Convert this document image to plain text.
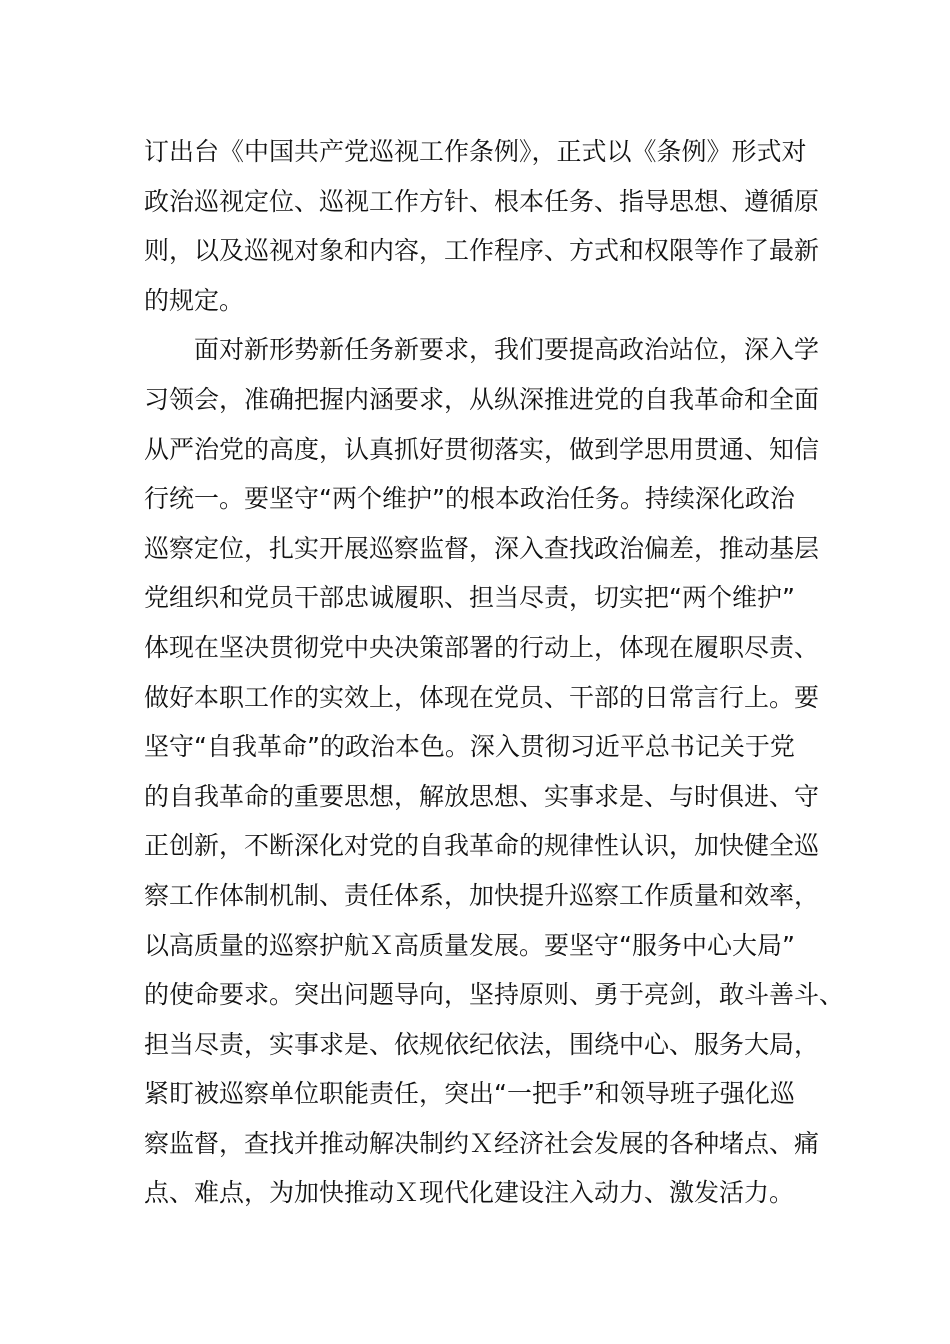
订出台《中国共产党巡视工作条例》，正式以《条例》形式对

政治巡视定位、巡视工作方针、根本任务、指导思想、遵循原

则，以及巡视对象和内容，工作程序、方式和权限等作了最新

的规定。

面对新形势新任务新要求，我们要提高政治站位，深入学

习领会，准确把握内涵要求，从纵深推进党的自我革命和全面

从严治党的高度，认真抓好贯彻落实，做到学思用贯通、知信

行统一。要坚守“两个维护”的根本政治任务。持续深化政治

巡察定位，扎实开展巡察监督，深入查找政治偏差，推动基层

党组织和党员干部忠诚履职、担当尽责，切实把“两个维护”

体现在坚决贯彻党中央决策部署的行动上，体现在履职尽责、

做好本职工作的实效上，体现在党员、干部的日常言行上。要

坚守“自我革命”的政治本色。深入贯彻习近平总书记关于党

的自我革命的重要思想，解放思想、实事求是、与时俱进、守

正创新，不断深化对党的自我革命的规律性认识，加快健全巡

察工作体制机制、责任体系，加快提升巡察工作质量和效率，

以高质量的巡察护航Ｘ高质量发展。要坚守“服务中心大局”

的使命要求。突出问题导向，坚持原则、勇于亮剑，敢斗善斗、

担当尽责，实事求是、依规依纪依法，围绕中心、服务大局，

紧盯被巡察单位职能责任，突出“一把手”和领导班子强化巡

察监督，查找并推动解决制约Ｘ经济社会发展的各种堵点、痛

点、难点，为加快推动Ｘ现代化建设注入动力、激发活力。
